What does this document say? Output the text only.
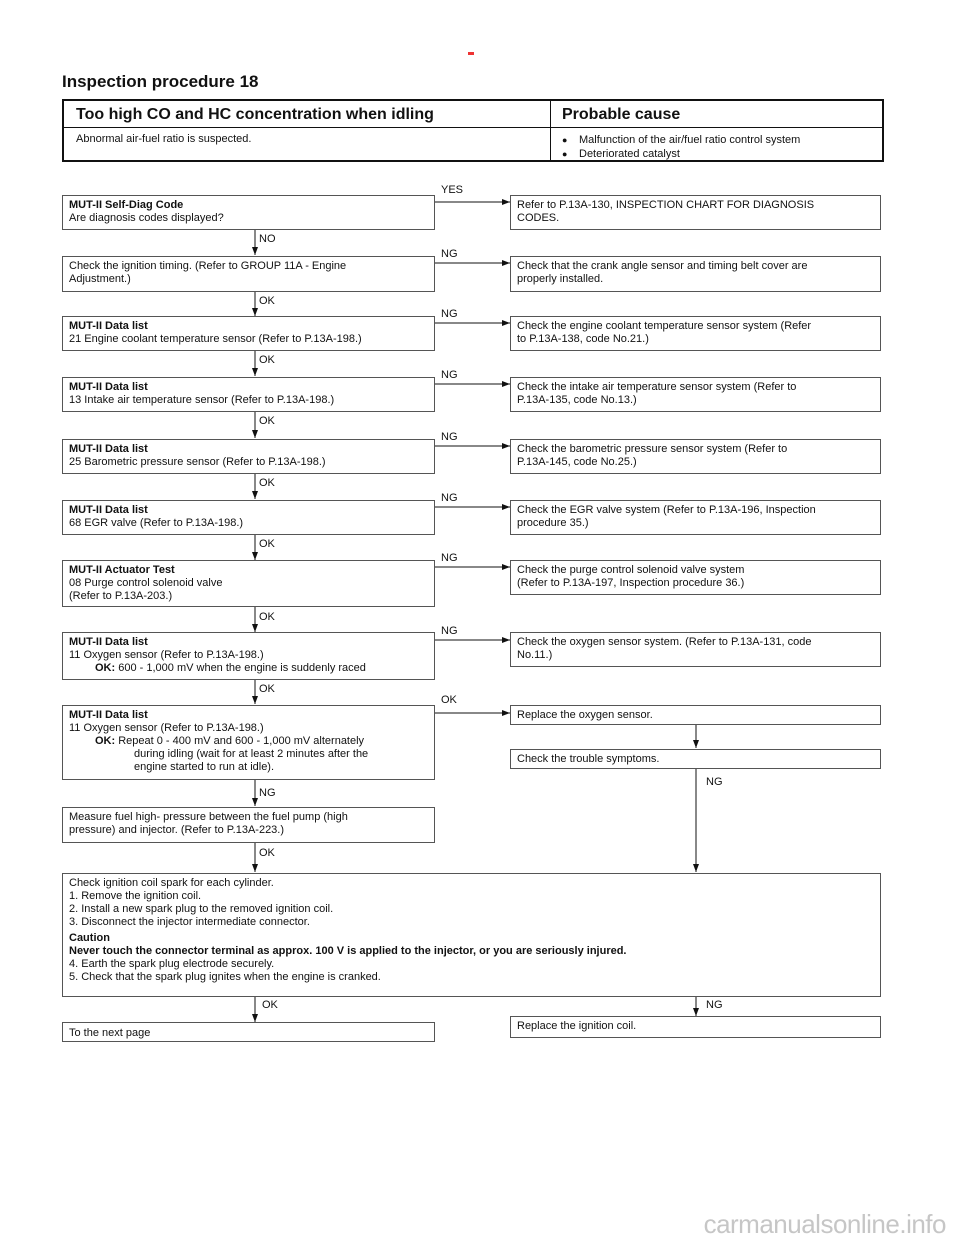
Inspection procedure 18
Too high CO and HC concentration when idling	Probable cause
Abnormal air-fuel ratio is suspected.
●	Malfunction of the air/fuel ratio control system
● Deteriorated catalyst
YES
NO
NG
OK
NG
OK
NG
OK
NG
OK
NG
OK
NG
OK
NG
OK
OK
NG
NG
OK
OK	NG
MUT-II Self-Diag Code
Are diagnosis codes displayed?
Check the ignition timing. (Refer to GROUP 11A - Engine
Adjustment.)
MUT-II Data list
21 Engine coolant temperature sensor (Refer to P.13A-198.)
MUT-II Data list
13 Intake air temperature sensor (Refer to P.13A-198.)
MUT-II Data list
25 Barometric pressure sensor (Refer to P.13A-198.)
MUT-II Data list
68 EGR valve (Refer to P.13A-198.)
MUT-II Actuator Test
08 Purge control solenoid valve
(Refer to P.13A-203.)
MUT-II Data list
11 Oxygen sensor (Refer to P.13A-198.)
OK: 600 - 1,000 mV when the engine is suddenly raced
MUT-II Data list
11 Oxygen sensor (Refer to P.13A-198.)
OK: Repeat 0 - 400 mV and 600 - 1,000 mV alternately
during idling (wait for at least 2 minutes after the
engine started to run at idle).
Measure fuel high- pressure between the fuel pump (high
pressure) and injector. (Refer to P.13A-223.)
Check ignition coil spark for each cylinder.
1. Remove the ignition coil.
2. Install a new spark plug to the removed ignition coil.
3. Disconnect the injector intermediate connector.
Caution
Never touch the connector terminal as approx. 100 V is applied to the injector, or you are seriously injured.
4. Earth the spark plug electrode securely.
5. Check that the spark plug ignites when the engine is cranked.
To the next page
Refer to P.13A-130, INSPECTION CHART FOR DIAGNOSIS
CODES.
Check that the crank angle sensor and timing belt cover are
properly installed.
Check the engine coolant temperature sensor system (Refer
to P.13A-138, code No.21.)
Check the intake air temperature sensor system (Refer to
P.13A-135, code No.13.)
Check the barometric pressure sensor system (Refer to
P.13A-145, code No.25.)
Check the EGR valve system (Refer to P.13A-196, Inspection
procedure 35.)
Check the purge control solenoid valve system
(Refer to P.13A-197, Inspection procedure 36.)
Check the oxygen sensor system. (Refer to P.13A-131, code
No.11.)
Replace the oxygen sensor.
Check the trouble symptoms.
Replace the ignition coil.
carmanualsonline.info
